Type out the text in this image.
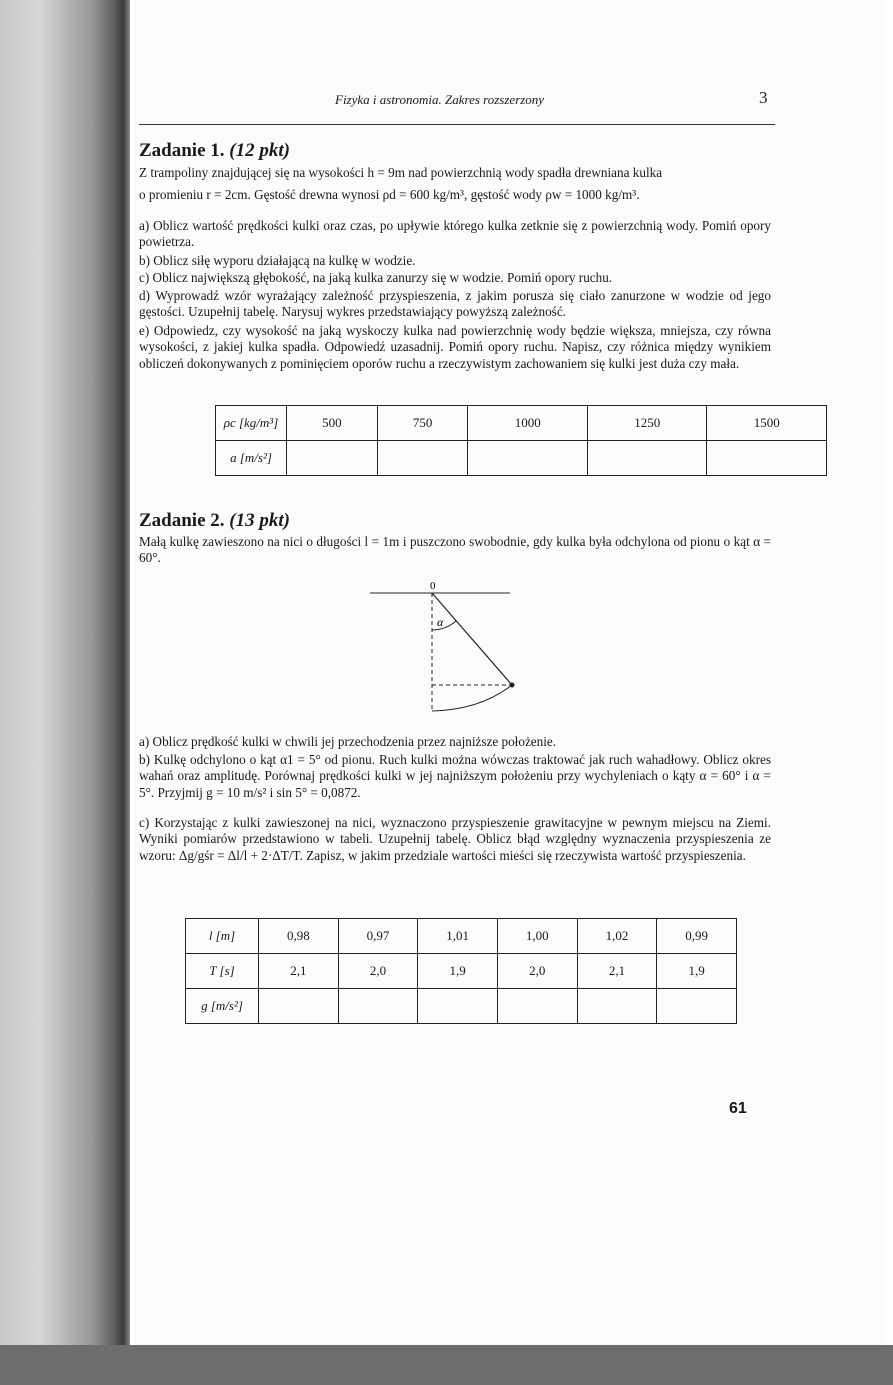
Fizyka i astronomia. Zakres rozszerzony	3
Zadanie 1. (12 pkt)
Z trampoliny znajdującej się na wysokości h = 9m nad powierzchnią wody spadła drewniana kulka
o promieniu r = 2cm. Gęstość drewna wynosi ρd = 600 kg/m³, gęstość wody ρw = 1000 kg/m³.
a) Oblicz wartość prędkości kulki oraz czas, po upływie którego kulka zetknie się z powierzchnią wody. Pomiń opory powietrza.
b) Oblicz siłę wyporu działającą na kulkę w wodzie.
c) Oblicz największą głębokość, na jaką kulka zanurzy się w wodzie. Pomiń opory ruchu.
d) Wyprowadź wzór wyrażający zależność przyspieszenia, z jakim porusza się ciało zanurzone w wodzie od jego gęstości. Uzupełnij tabelę. Narysuj wykres przedstawiający powyższą zależność.
e) Odpowiedz, czy wysokość na jaką wyskoczy kulka nad powierzchnię wody będzie większa, mniejsza, czy równa wysokości, z jakiej kulka spadła. Odpowiedź uzasadnij. Pomiń opory ruchu. Napisz, czy różnica między wynikiem obliczeń dokonywanych z pominięciem oporów ruchu a rzeczywistym zachowaniem się kulki jest duża czy mała.
ρc [kg/m³]	500	750	1000	1250	1500
a [m/s²]					
Zadanie 2. (13 pkt)
Małą kulkę zawieszono na nici o długości l = 1m i puszczono swobodnie, gdy kulka była odchylona od pionu o kąt α = 60°.
0
α
a) Oblicz prędkość kulki w chwili jej przechodzenia przez najniższe położenie.
b) Kulkę odchylono o kąt α1 = 5° od pionu. Ruch kulki można wówczas traktować jak ruch wahadłowy. Oblicz okres wahań oraz amplitudę. Porównaj prędkości kulki w jej najniższym położeniu przy wychyleniach o kąty α = 60° i α = 5°. Przyjmij g = 10 m/s² i sin 5° = 0,0872.
c) Korzystając z kulki zawieszonej na nici, wyznaczono przyspieszenie grawitacyjne w pewnym miejscu na Ziemi. Wyniki pomiarów przedstawiono w tabeli. Uzupełnij tabelę. Oblicz błąd względny wyznaczenia przyspieszenia ze wzoru: Δg/gśr = Δl/l + 2·ΔT/T. Zapisz, w jakim przedziale wartości mieści się rzeczywista wartość przyspieszenia.
l [m]	0,98	0,97	1,01	1,00	1,02	0,99
T [s]	2,1	2,0	1,9	2,0	2,1	1,9
g [m/s²]						
61
